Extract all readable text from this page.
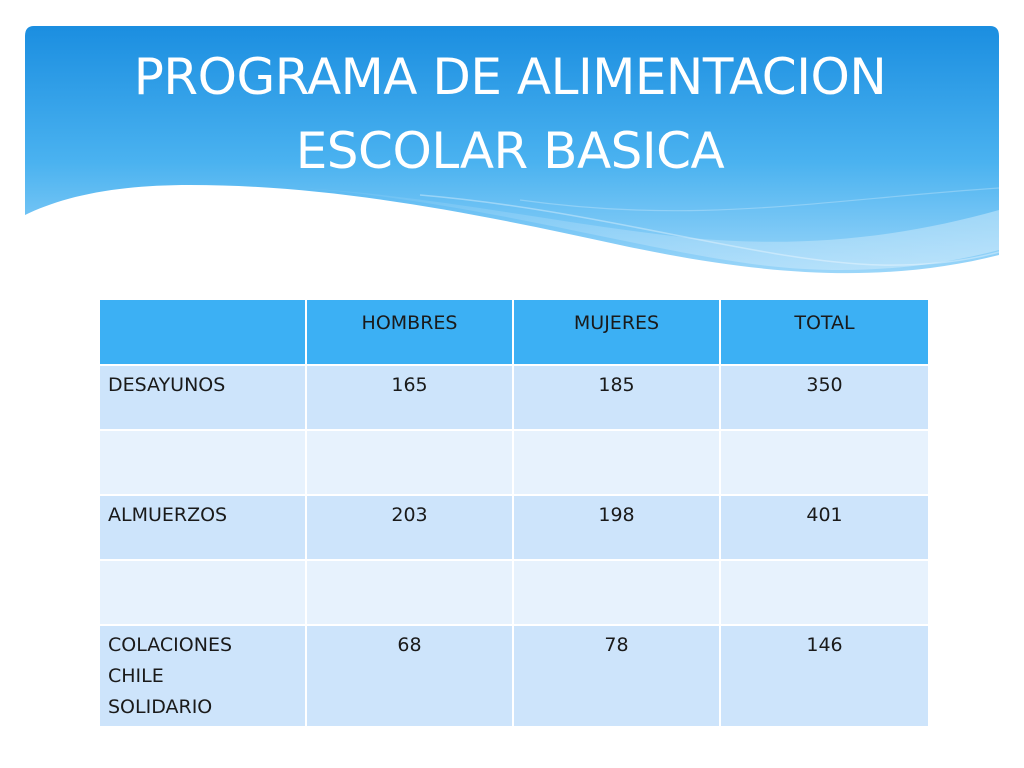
PROGRAMA DE ALIMENTACION
ESCOLAR BASICA
	HOMBRES	MUJERES	TOTAL
DESAYUNOS	165	185	350

ALMUERZOS	203	198	401

COLACIONES
CHILE
SOLIDARIO	68	78	146
